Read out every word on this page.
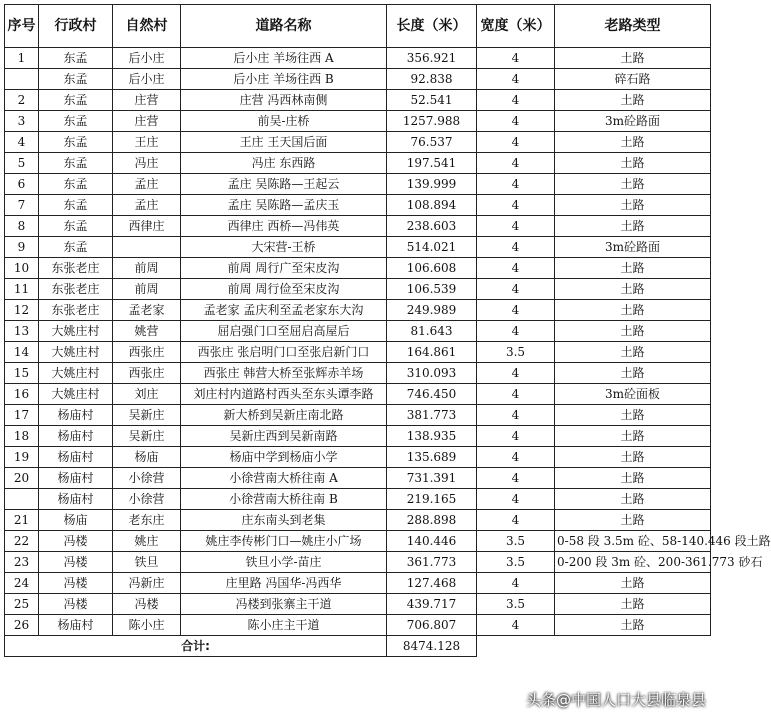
序号	行政村	自然村	道路名称	长度（米）	宽度（米）	老路类型
1	东孟	后小庄	后小庄 羊场往西 A	356.921	4	土路
	东孟	后小庄	后小庄 羊场往西 B	92.838	4	碎石路
2	东孟	庄营	庄营 冯西林南侧	52.541	4	土路
3	东孟	庄营	前吴-庄桥	1257.988	4	3m砼路面
4	东孟	王庄	王庄 王天国后面	76.537	4	土路
5	东孟	冯庄	冯庄 东西路	197.541	4	土路
6	东孟	孟庄	孟庄 吴陈路—王起云	139.999	4	土路
7	东孟	孟庄	孟庄 吴陈路—孟庆玉	108.894	4	土路
8	东孟	西律庄	西律庄 西桥—冯伟英	238.603	4	土路
9	东孟		大宋营-王桥	514.021	4	3m砼路面
10	东张老庄	前周	前周 周行广至宋皮沟	106.608	4	土路
11	东张老庄	前周	前周 周行俭至宋皮沟	106.539	4	土路
12	东张老庄	孟老家	孟老家 孟庆利至孟老家东大沟	249.989	4	土路
13	大姚庄村	姚营	屈启强门口至屈启高屋后	81.643	4	土路
14	大姚庄村	西张庄	西张庄 张启明门口至张启新门口	164.861	3.5	土路
15	大姚庄村	西张庄	西张庄 韩营大桥至张辉赤羊场	310.093	4	土路
16	大姚庄村	刘庄	刘庄村内道路村西头至东头谭李路	746.450	4	3m砼面板
17	杨庙村	吴新庄	新大桥到吴新庄南北路	381.773	4	土路
18	杨庙村	吴新庄	吴新庄西到吴新南路	138.935	4	土路
19	杨庙村	杨庙	杨庙中学到杨庙小学	135.689	4	土路
20	杨庙村	小徐营	小徐营南大桥往南 A	731.391	4	土路
	杨庙村	小徐营	小徐营南大桥往南 B	219.165	4	土路
21	杨庙	老东庄	庄东南头到老集	288.898	4	土路
22	冯楼	姚庄	姚庄李传彬门口—姚庄小广场	140.446	3.5	0-58 段 3.5m 砼、58-140.446 段土路
23	冯楼	铁旦	铁旦小学-苗庄	361.773	3.5	0-200 段 3m 砼、200-361.773 砂石
24	冯楼	冯新庄	庄里路 冯国华-冯西华	127.468	4	土路
25	冯楼	冯楼	冯楼到张寨主干道	439.717	3.5	土路
26	杨庙村	陈小庄	陈小庄主干道	706.807	4	土路
合计:				8474.128		
头条@中国人口大县临泉县
